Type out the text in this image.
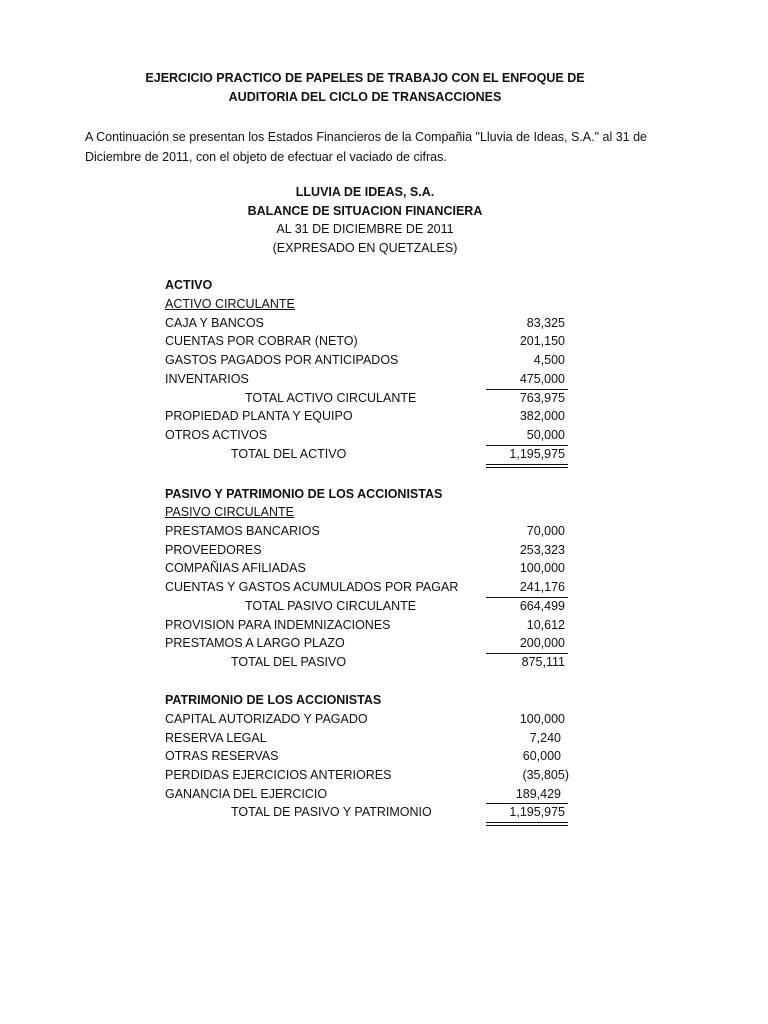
EJERCICIO PRACTICO DE PAPELES DE TRABAJO CON EL ENFOQUE DE
AUDITORIA DEL CICLO DE TRANSACCIONES
A Continuación se presentan los Estados Financieros de la Compañia "Lluvia de Ideas, S.A." al 31 de
Diciembre de 2011, con el objeto de efectuar el vaciado de cifras.
LLUVIA DE IDEAS, S.A.
BALANCE DE SITUACION FINANCIERA
AL 31 DE DICIEMBRE DE 2011
(EXPRESADO EN QUETZALES)
ACTIVO
ACTIVO CIRCULANTE
CAJA Y BANCOS	83,325
CUENTAS POR COBRAR (NETO)	201,150
GASTOS PAGADOS POR ANTICIPADOS	4,500
INVENTARIOS	475,000
TOTAL ACTIVO CIRCULANTE	763,975
PROPIEDAD PLANTA Y EQUIPO	382,000
OTROS ACTIVOS	50,000
TOTAL DEL ACTIVO	1,195,975
PASIVO Y PATRIMONIO DE LOS ACCIONISTAS
PASIVO CIRCULANTE
PRESTAMOS BANCARIOS	70,000
PROVEEDORES	253,323
COMPAÑIAS AFILIADAS	100,000
CUENTAS Y GASTOS ACUMULADOS POR PAGAR	241,176
TOTAL PASIVO CIRCULANTE	664,499
PROVISION PARA INDEMNIZACIONES	10,612
PRESTAMOS A LARGO PLAZO	200,000
TOTAL DEL PASIVO	875,111
PATRIMONIO DE LOS ACCIONISTAS
CAPITAL AUTORIZADO Y PAGADO	100,000
RESERVA LEGAL	7,240
OTRAS RESERVAS	60,000
PERDIDAS EJERCICIOS ANTERIORES	(35,805)
GANANCIA DEL EJERCICIO	189,429
TOTAL DE PASIVO Y PATRIMONIO	1,195,975
